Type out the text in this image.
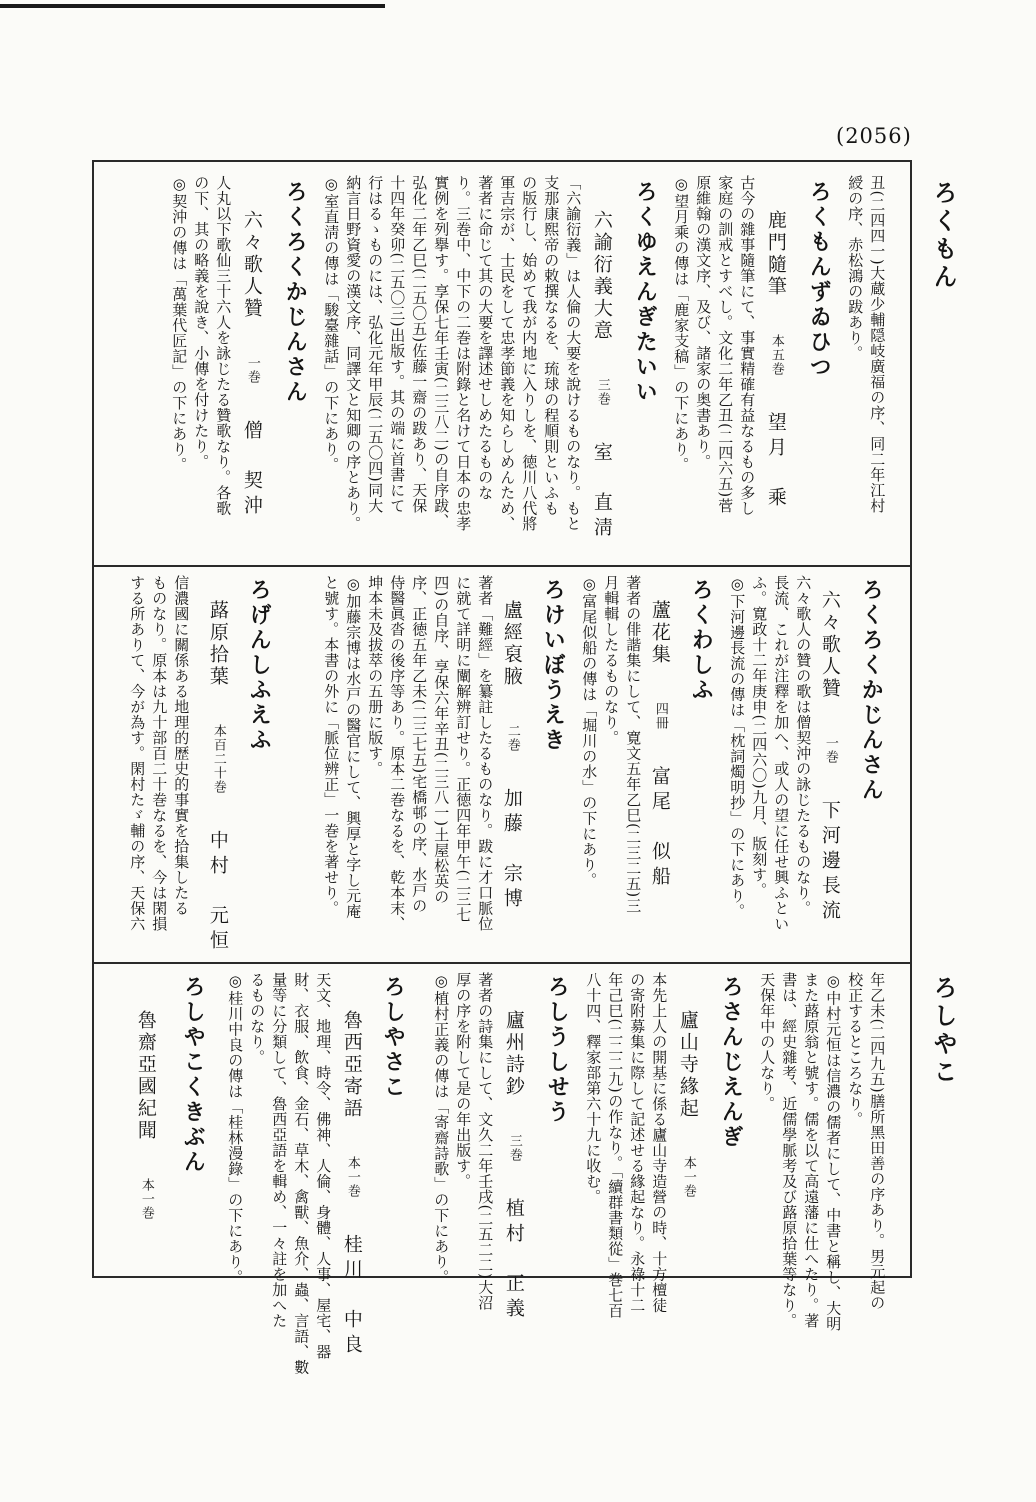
(2056)
ろくもん
ろしやこ
丑(二四四一)大蔵少輔隠岐廣福の序、同二年江村
綬の序、赤松鴻の跋あり。
ろくもんずゐひつ
鹿門隨筆本五巻望月　乘
古今の雜事隨筆にて、事實精確有益なるもの多し
家庭の訓戒とすべし。文化二年乙丑(二四六五)菅
原維翰の漢文序、及び、諸家の奥書あり。
◎望月乘の傳は「鹿家支稿」の下にあり。
ろくゆえんぎたいい
六諭衍義大意三巻室　直淸
「六諭衍義」は人倫の大要を說けるものなり。もと
支那康熙帝の敕撰なるを、琉球の程順則といふも
の版行し、始めて我が内地に入りしを、徳川八代將
軍吉宗が、士民をして忠孝節義を知らしめんため、
著者に命じて其の大要を譯述せしめたるものな
り。三巻中、中下の二巻は附錄と名けて日本の忠孝
實例を列擧す。享保七年壬寅(二三八二)の自序跋、
弘化二年乙巳(二五〇五)佐藤一齋の跋あり、天保
十四年癸卯(二五〇三)出版す。其の端に首書にて
行はるゝものには、弘化元年甲辰(二五〇四)同大
納言日野資愛の漢文序、同譯文と知卿の序とあり。
◎室直淸の傳は「駿臺雜話」の下にあり。
ろくろくかじんさん
六々歌人贊一巻僧　契沖
人丸以下歌仙三十六人を詠じたる贊歌なり。各歌
の下、其の略義を說き、小傳を付けたり。
◎契沖の傳は「萬葉代匠記」の下にあり。
ろくろくかじんさん
六々歌人贊一巻下河邊長流
六々歌人の贊の歌は僧契沖の詠じたるものなり。
長流、これが注釋を加へ、或人の望に任せ興ふとい
ふ。寛政十二年庚申(二四六〇)九月、版刻す。
◎下河邊長流の傳は「枕詞燭明抄」の下にあり。
ろくわしふ
蘆花集四冊富尾　似船
著者の俳諧集にして、寛文五年乙巳(二三二五)三
月輯輯したるものなり。
◎富尾似船の傳は「堀川の水」の下にあり。
ろけいぼうえき
盧經裒腋二巻加藤　宗博
著者「難經」を纂註したるものなり。跋に才口脈位
に就て詳明に闡解辨訂せり。正徳四年甲午(二三七
四)の自序、享保六年辛丑(二三八一)土屋松英の
序、正徳五年乙未(二三七五)宅橋邨の序、水戸の
侍醫眞沓の後序等あり。原本二巻なるを、乾本末、
坤本未及拔萃の五册に版す。
◎加藤宗博は水戸の醫官にして、興厚と字し元庵
と號す。本書の外に「脈位辨正」一巻を著せり。
ろげんしふえふ
蕗原拾葉本百二十巻中村　元恒
信濃國に關係ある地理的歴史的事實を拾集したる
ものなり。原本は九十部百二十巻なるを、今は閑損
する所ありて、今が為す。閑村たゞ輔の序、天保六
年乙未(二四九五)膳所黑田善の序あり。男元起の
校正するところなり。
◎中村元恒は信濃の儒者にして、中書と稱し、大明
また蕗原翁と號す。儒を以て高遠藩に仕へたり。著
書は、經史雜考、近儒學脈考及び蕗原拾葉等なり。
天保年中の人なり。
ろさんじえんぎ
廬山寺緣起本一巻
本先上人の開基に係る廬山寺造營の時、十方檀徒
の寄附募集に際して記述せる緣起なり。永祿十二
年己巳(二二二九)の作なり。「續群書類從」巻七百
八十四、釋家部第六十九に收む。
ろしうしせう
廬州詩鈔三巻植村　正義
著者の詩集にして、文久二年壬戌(二五二二)大沼
厚の序を附して是の年出版す。
◎植村正義の傳は「寄齋詩歌」の下にあり。
ろしやさこ
魯西亞寄語本一巻桂川　中良
天文、地理、時令、佛神、人倫、身體、人事、屋宅、器
財、衣服、飲食、金石、草木、禽獸、魚介、蟲、言語、數
量等に分類して、魯西亞語を輯め、一々註を加へた
るものなり。
◎桂川中良の傳は「桂林漫錄」の下にあり。
ろしやこくきぶん
魯齋亞國紀聞本一巻
